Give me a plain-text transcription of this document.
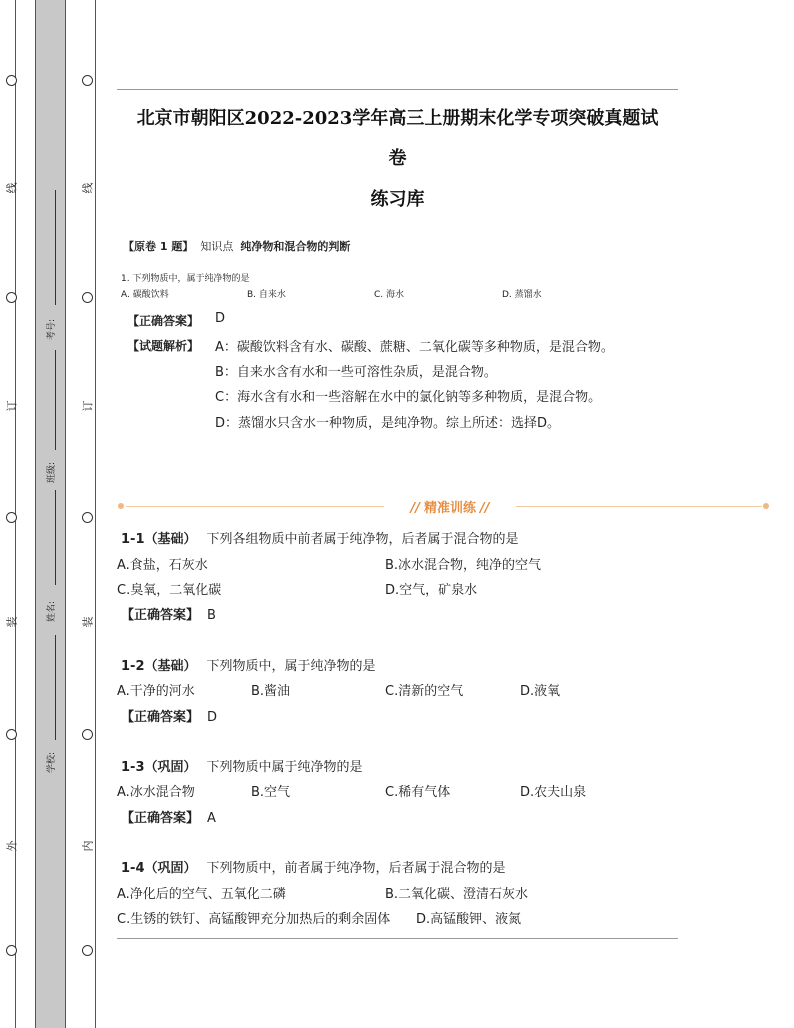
线
订
装
外
线
订
装
内
考号:
班级:
姓名:
学校:
北京市朝阳区2022-2023学年高三上册期末化学专项突破真题试
卷
练习库
【原卷 1 题】 知识点 纯净物和混合物的判断
1. 下列物质中，属于纯净物的是
A. 碳酸饮料	B. 自来水	C. 海水	D. 蒸馏水
【正确答案】 D
【试题解析】 A：碳酸饮料含有水、碳酸、蔗糖、二氧化碳等多种物质，是混合物。
B：自来水含有水和一些可溶性杂质，是混合物。
C：海水含有水和一些溶解在水中的氯化钠等多种物质，是混合物。
D：蒸馏水只含水一种物质，是纯净物。综上所述：选择D。
// 精准训练 //
1-1（基础） 下列各组物质中前者属于纯净物，后者属于混合物的是
A.食盐，石灰水	B.冰水混合物，纯净的空气
C.臭氧，二氧化碳	D.空气，矿泉水
【正确答案】 B
1-2（基础） 下列物质中，属于纯净物的是
A.干净的河水	B.酱油	C.清新的空气	D.液氧
【正确答案】 D
1-3（巩固） 下列物质中属于纯净物的是
A.冰水混合物	B.空气	C.稀有气体	D.农夫山泉
【正确答案】 A
1-4（巩固） 下列物质中，前者属于纯净物，后者属于混合物的是
A.净化后的空气、五氧化二磷	B.二氧化碳、澄清石灰水
C.生锈的铁钉、高锰酸钾充分加热后的剩余固体 D.高锰酸钾、液氮
